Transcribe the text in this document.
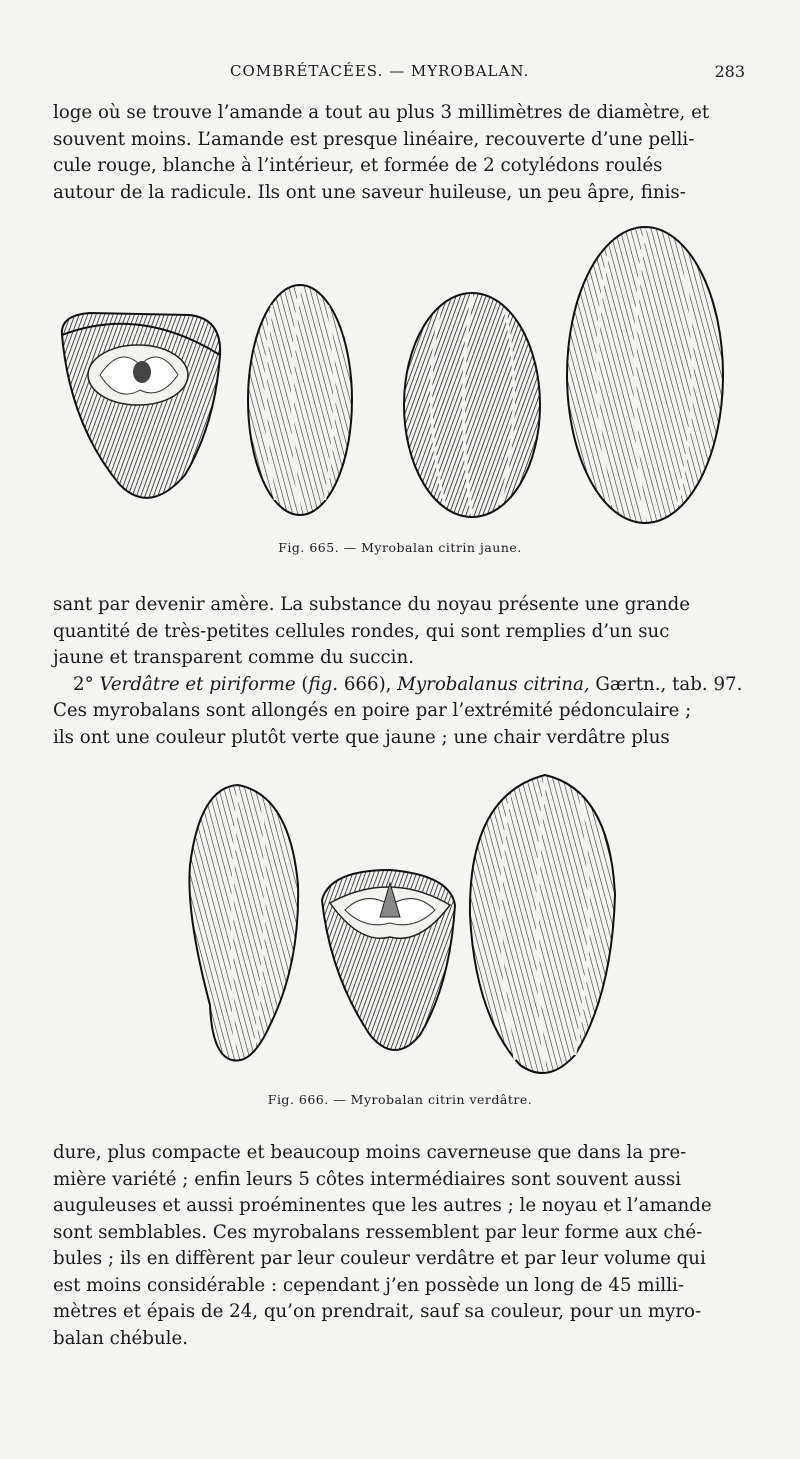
COMBRÉTACÉES. — MYROBALAN.	283

loge où se trouve l’amande a tout au plus 3 millimètres de diamètre, et
souvent moins. L’amande est presque linéaire, recouverte d’une pelli-
cule rouge, blanche à l’intérieur, et formée de 2 cotylédons roulés
autour de la radicule. Ils ont une saveur huileuse, un peu âpre, finis-

Fig. 665. — Myrobalan citrin jaune.

sant par devenir amère. La substance du noyau présente une grande
quantité de très-petites cellules rondes, qui sont remplies d’un suc
jaune et transparent comme du succin.
2° Verdâtre et piriforme (fig. 666), Myrobalanus citrina, Gærtn., tab. 97.
Ces myrobalans sont allongés en poire par l’extrémité pédonculaire ;
ils ont une couleur plutôt verte que jaune ; une chair verdâtre plus

Fig. 666. — Myrobalan citrin verdâtre.

dure, plus compacte et beaucoup moins caverneuse que dans la pre-
mière variété ; enfin leurs 5 côtes intermédiaires sont souvent aussi
auguleuses et aussi proéminentes que les autres ; le noyau et l’amande
sont semblables. Ces myrobalans ressemblent par leur forme aux ché-
bules ; ils en diffèrent par leur couleur verdâtre et par leur volume qui
est moins considérable : cependant j’en possède un long de 45 milli-
mètres et épais de 24, qu’on prendrait, sauf sa couleur, pour un myro-
balan chébule.
